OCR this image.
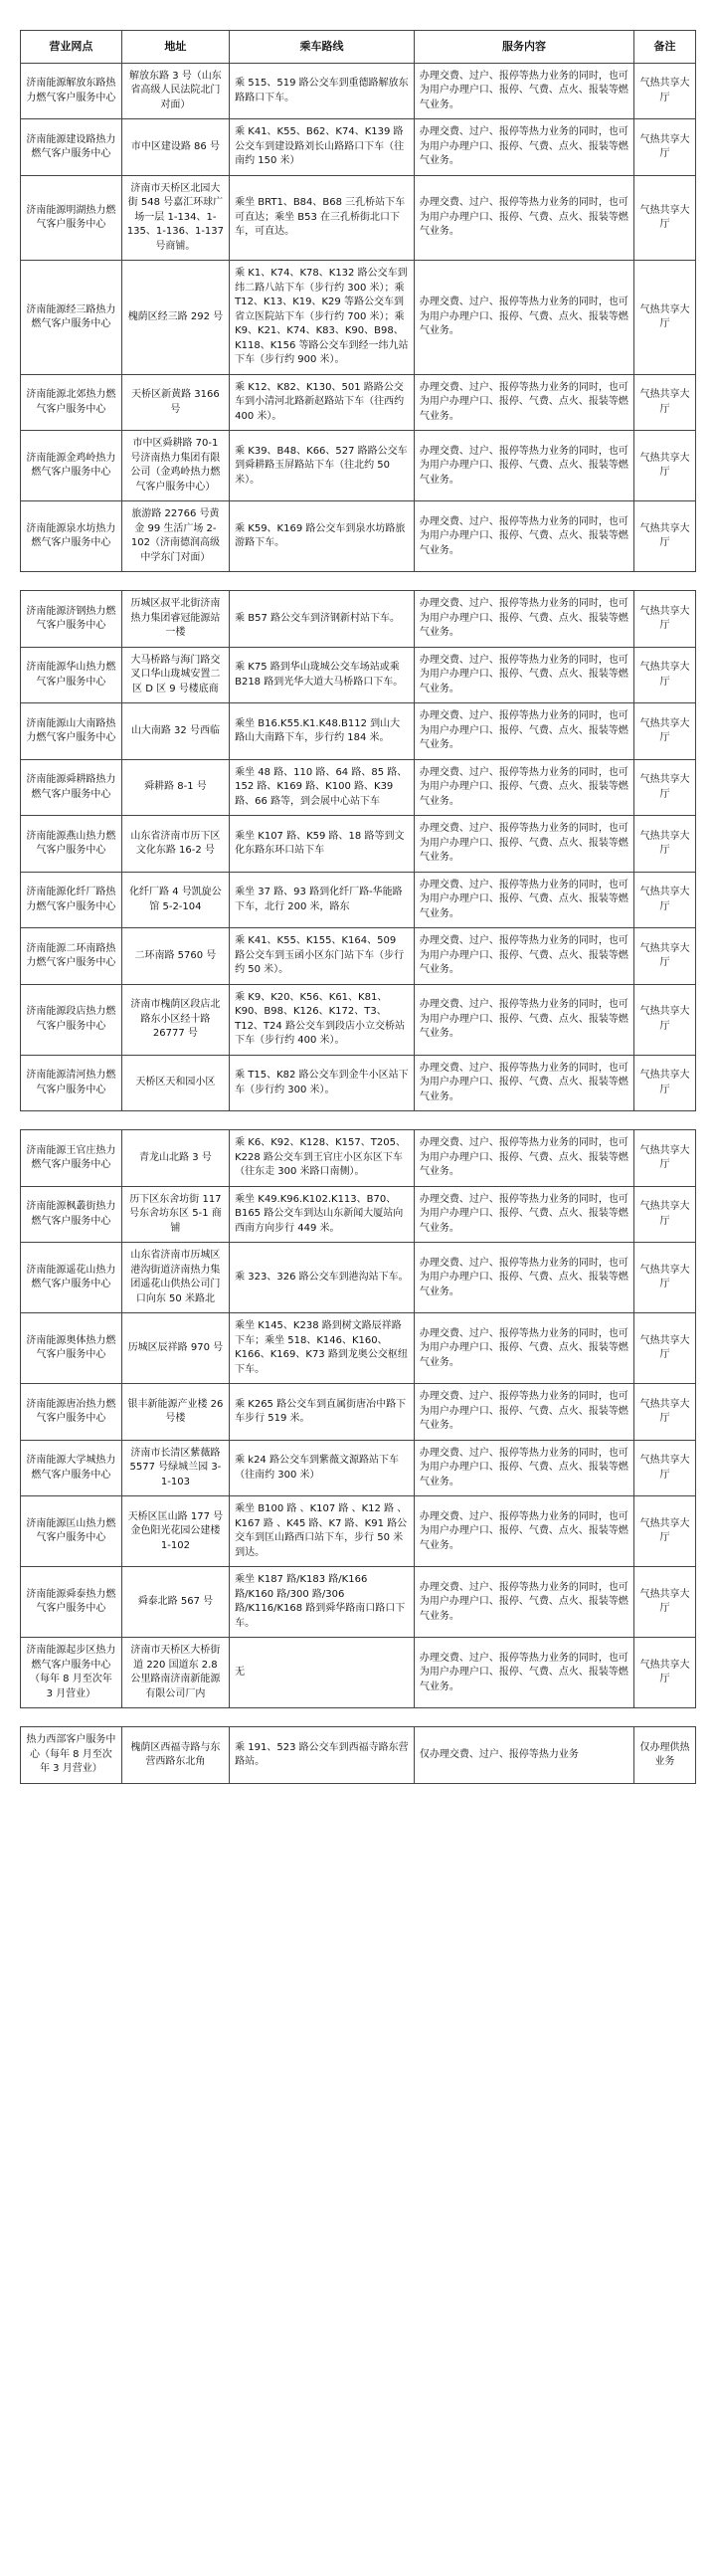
营业网点	地址	乘车路线	服务内容	备注
济南能源解放东路热力燃气客户服务中心	解放东路 3 号（山东省高级人民法院北门对面）	乘 515、519 路公交车到重德路解放东路路口下车。	办理交费、过户、报停等热力业务的同时，也可为用户办理户口、报停、气费、点火、报装等燃气业务。	气热共享大厅
济南能源建设路热力燃气客户服务中心	市中区建设路 86 号	乘 K41、K55、B62、K74、K139 路公交车到建设路刘长山路路口下车（往南约 150 米）	办理交费、过户、报停等热力业务的同时，也可为用户办理户口、报停、气费、点火、报装等燃气业务。	气热共享大厅
济南能源明湖热力燃气客户服务中心	济南市天桥区北园大街 548 号嘉汇环球广场一层 1-134、1-135、1-136、1-137 号商铺。	乘坐 BRT1、B84、B68 三孔桥站下车可直达；乘坐 B53 在三孔桥街北口下车，可直达。	办理交费、过户、报停等热力业务的同时，也可为用户办理户口、报停、气费、点火、报装等燃气业务。	气热共享大厅
济南能源经三路热力燃气客户服务中心	槐荫区经三路 292 号	乘 K1、K74、K78、K132 路公交车到纬二路八站下车（步行约 300 米）；乘 T12、K13、K19、K29 等路公交车到省立医院站下车（步行约 700 米）；乘 K9、K21、K74、K83、K90、B98、K118、K156 等路公交车到经一纬九站下车（步行约 900 米）。	办理交费、过户、报停等热力业务的同时，也可为用户办理户口、报停、气费、点火、报装等燃气业务。	气热共享大厅
济南能源北郊热力燃气客户服务中心	天桥区新黄路 3166 号	乘 K12、K82、K130、501 路路公交车到小清河北路新赵路站下车（往西约 400 米）。	办理交费、过户、报停等热力业务的同时，也可为用户办理户口、报停、气费、点火、报装等燃气业务。	气热共享大厅
济南能源金鸡岭热力燃气客户服务中心	市中区舜耕路 70-1 号济南热力集团有限公司（金鸡岭热力燃气客户服务中心）	乘 K39、B48、K66、527 路路公交车到舜耕路玉屏路站下车（往北约 50 米）。	办理交费、过户、报停等热力业务的同时，也可为用户办理户口、报停、气费、点火、报装等燃气业务。	气热共享大厅
济南能源泉水坊热力燃气客户服务中心	旅游路 22766 号黄金 99 生活广场 2-102（济南德润高级中学东门对面）	乘 K59、K169 路公交车到泉水坊路旅游路下车。	办理交费、过户、报停等热力业务的同时，也可为用户办理户口、报停、气费、点火、报装等燃气业务。	气热共享大厅
济南能源济钢热力燃气客户服务中心	历城区叔平北街济南热力集团睿冠能源站一楼	乘 B57 路公交车到济钢新村站下车。	办理交费、过户、报停等热力业务的同时，也可为用户办理户口、报停、气费、点火、报装等燃气业务。	气热共享大厅
济南能源华山热力燃气客户服务中心	大马桥路与海门路交叉口华山珑城安置二区 D 区 9 号楼底商	乘 K75 路到华山珑城公交车场站或乘 B218 路到光华大道大马桥路口下车。	办理交费、过户、报停等热力业务的同时，也可为用户办理户口、报停、气费、点火、报装等燃气业务。	气热共享大厅
济南能源山大南路热力燃气客户服务中心	山大南路 32 号西临	乘坐 B16.K55.K1.K48.B112 到山大路山大南路下车，步行约 184 米。	办理交费、过户、报停等热力业务的同时，也可为用户办理户口、报停、气费、点火、报装等燃气业务。	气热共享大厅
济南能源舜耕路热力燃气客户服务中心	舜耕路 8-1 号	乘坐 48 路、110 路、64 路、85 路、152 路、K169 路、K100 路、K39 路、66 路等，到会展中心站下车	办理交费、过户、报停等热力业务的同时，也可为用户办理户口、报停、气费、点火、报装等燃气业务。	气热共享大厅
济南能源燕山热力燃气客户服务中心	山东省济南市历下区文化东路 16-2 号	乘坐 K107 路、K59 路、18 路等到文化东路东环口站下车	办理交费、过户、报停等热力业务的同时，也可为用户办理户口、报停、气费、点火、报装等燃气业务。	气热共享大厅
济南能源化纤厂路热力燃气客户服务中心	化纤厂路 4 号凯旋公馆 5-2-104	乘坐 37 路、93 路到化纤厂路-华能路下车，北行 200 米，路东	办理交费、过户、报停等热力业务的同时，也可为用户办理户口、报停、气费、点火、报装等燃气业务。	气热共享大厅
济南能源二环南路热力燃气客户服务中心	二环南路 5760 号	乘 K41、K55、K155、K164、509 路公交车到玉函小区东门站下车（步行约 50 米）。	办理交费、过户、报停等热力业务的同时，也可为用户办理户口、报停、气费、点火、报装等燃气业务。	气热共享大厅
济南能源段店热力燃气客户服务中心	济南市槐荫区段店北路东小区经十路 26777 号	乘 K9、K20、K56、K61、K81、K90、B98、K126、K172、T3、T12、T24 路公交车到段店小立交桥站下车（步行约 400 米）。	办理交费、过户、报停等热力业务的同时，也可为用户办理户口、报停、气费、点火、报装等燃气业务。	气热共享大厅
济南能源清河热力燃气客户服务中心	天桥区天和园小区	乘 T15、K82 路公交车到金牛小区站下车（步行约 300 米）。	办理交费、过户、报停等热力业务的同时，也可为用户办理户口、报停、气费、点火、报装等燃气业务。	气热共享大厅
济南能源王官庄热力燃气客户服务中心	青龙山北路 3 号	乘 K6、K92、K128、K157、T205、K228 路公交车到王官庄小区东区下车（往东走 300 米路口南侧）。	办理交费、过户、报停等热力业务的同时，也可为用户办理户口、报停、气费、点火、报装等燃气业务。	气热共享大厅
济南能源枫叢街热力燃气客户服务中心	历下区东舍坊街 117 号东舍坊东区 5-1 商铺	乘坐 K49.K96.K102.K113、B70、B165 路公交车到达山东新闻大厦站向西南方向步行 449 米。	办理交费、过户、报停等热力业务的同时，也可为用户办理户口、报停、气费、点火、报装等燃气业务。	气热共享大厅
济南能源遥花山热力燃气客户服务中心	山东省济南市历城区港沟街道济南热力集团遥花山供热公司门口向东 50 米路北	乘 323、326 路公交车到港沟站下车。	办理交费、过户、报停等热力业务的同时，也可为用户办理户口、报停、气费、点火、报装等燃气业务。	气热共享大厅
济南能源奥体热力燃气客户服务中心	历城区辰祥路 970 号	乘坐 K145、K238 路到树文路辰祥路下车；乘坐 518、K146、K160、K166、K169、K73 路到龙奥公交枢纽下车。	办理交费、过户、报停等热力业务的同时，也可为用户办理户口、报停、气费、点火、报装等燃气业务。	气热共享大厅
济南能源唐冶热力燃气客户服务中心	银丰新能源产业楼 26 号楼	乘 K265 路公交车到直属街唐冶中路下车步行 519 米。	办理交费、过户、报停等热力业务的同时，也可为用户办理户口、报停、气费、点火、报装等燃气业务。	气热共享大厅
济南能源大学城热力燃气客户服务中心	济南市长清区紫薇路 5577 号绿城兰园 3-1-103	乘 k24 路公交车到紫薇文源路站下车（往南约 300 米）	办理交费、过户、报停等热力业务的同时，也可为用户办理户口、报停、气费、点火、报装等燃气业务。	气热共享大厅
济南能源匡山热力燃气客户服务中心	天桥区匡山路 177 号金色阳光花园公建楼 1-102	乘坐 B100 路 、K107 路 、K12 路 、K167 路 、K45 路、K7 路、K91 路公交车到匡山路西口站下车，步行 50 米到达。	办理交费、过户、报停等热力业务的同时，也可为用户办理户口、报停、气费、点火、报装等燃气业务。	气热共享大厅
济南能源舜泰热力燃气客户服务中心	舜泰北路 567 号	乘坐 K187 路/K183 路/K166 路/K160 路/300 路/306 路/K116/K168 路到舜华路南口路口下车。	办理交费、过户、报停等热力业务的同时，也可为用户办理户口、报停、气费、点火、报装等燃气业务。	气热共享大厅
济南能源起步区热力燃气客户服务中心（每年 8 月至次年 3 月营业）	济南市天桥区大桥街道 220 国道东 2.8 公里路南济南新能源有限公司厂内	无	办理交费、过户、报停等热力业务的同时，也可为用户办理户口、报停、气费、点火、报装等燃气业务。	气热共享大厅
热力西部客户服务中心（每年 8 月至次年 3 月营业）	槐荫区西福寺路与东营西路东北角	乘 191、523 路公交车到西福寺路东营路站。	仅办理交费、过户、报停等热力业务	仅办理供热业务
